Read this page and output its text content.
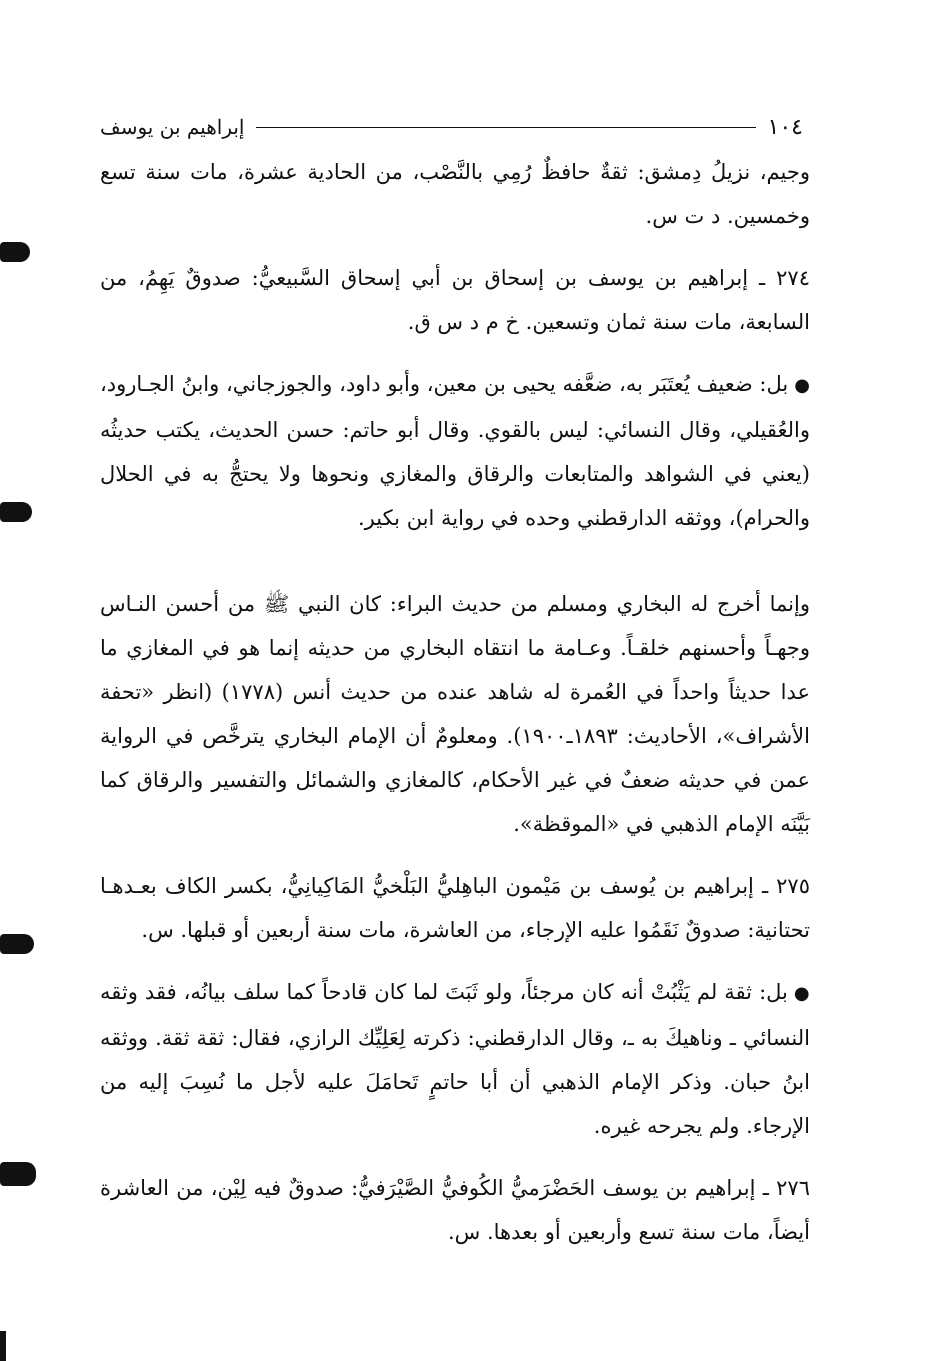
١٠٤
إبراهيم بن يوسف

وجيم، نزيلُ دِمشق: ثقةٌ حافظٌ رُمِي بالنَّصْب، من الحادية عشرة، مات سنة تسع وخمسين. د ت س.

٢٧٤ ـ إبراهيم بن يوسف بن إسحاق بن أبي إسحاق السَّبيعيُّ: صدوقٌ يَهِمُ، من السابعة، مات سنة ثمان وتسعين. خ م د س ق.

●بل: ضعيف يُعتَبَر به، ضعَّفه يحيى بن معين، وأبو داود، والجوزجاني، وابنُ الجـارود، والعُقيلي، وقال النسائي: ليس بالقوي. وقال أبو حاتم: حسن الحديث، يكتب حديثُه (يعني في الشواهد والمتابعات والرقاق والمغازي ونحوها ولا يحتجُّ به في الحلال والحرام)، ووثقه الدارقطني وحده في رواية ابن بكير.

وإنما أخرج له البخاري ومسلم من حديث البراء: كان النبي ﷺ من أحسن النـاس وجهـاً وأحسنهم خلقـاً. وعـامة ما انتقاه البخاري من حديثه إنما هو في المغازي ما عدا حديثاً واحداً في العُمرة له شاهد عنده من حديث أنس (١٧٧٨) (انظر «تحفة الأشراف»، الأحاديث: ١٨٩٣ـ١٩٠٠). ومعلومٌ أن الإمام البخاري يترخَّص في الرواية عمن في حديثه ضعفٌ في غير الأحكام، كالمغازي والشمائل والتفسير والرقاق كما بَيَّنَه الإمام الذهبي في «الموقظة».

٢٧٥ ـ إبراهيم بن يُوسف بن مَيْمون الباهِليُّ البَلْخيُّ المَاكِيانِيُّ، بكسر الكاف بعـدهـا تحتانية: صدوقٌ نَقَمُوا عليه الإرجاء، من العاشرة، مات سنة أربعين أو قبلها. س.

●بل: ثقة لم يَثْبُتْ أنه كان مرجئاً، ولو ثَبَتَ لما كان قادحاً كما سلف بيانُه، فقد وثقه النسائي ـ وناهيكَ به ـ، وقال الدارقطني: ذكرته لِعَلِيِّك الرازي، فقال: ثقة ثقة. ووثقه ابنُ حبان. وذكر الإمام الذهبي أن أبا حاتمٍ تَحامَلَ عليه لأجل ما نُسِبَ إليه من الإرجاء. ولم يجرحه غيره.

٢٧٦ ـ إبراهيم بن يوسف الحَضْرَميُّ الكُوفيُّ الصَّيْرَفيُّ: صدوقٌ فيه لِيْن، من العاشرة أيضاً، مات سنة تسع وأربعين أو بعدها. س.
